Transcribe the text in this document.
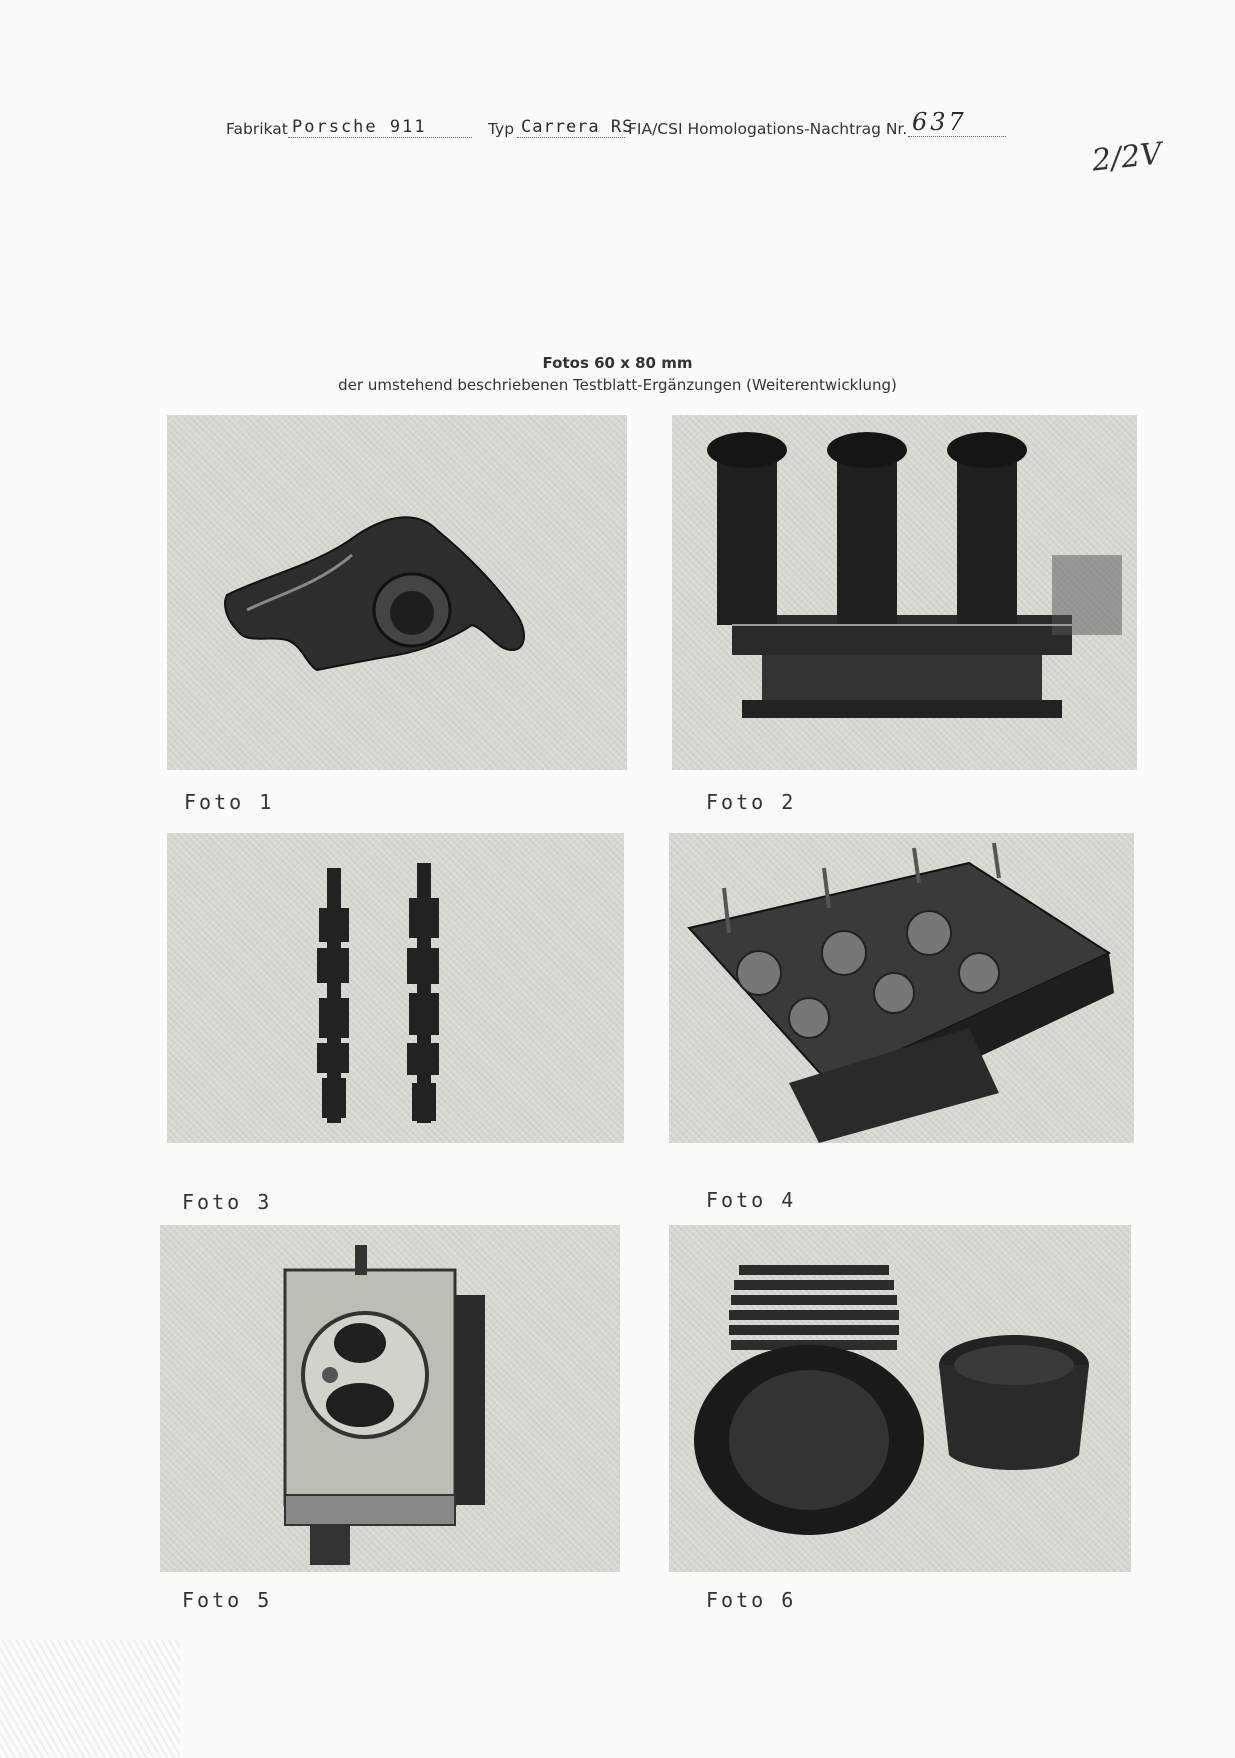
Fabrikat Porsche 911	Typ Carrera RS
FIA/CSI Homologations-Nachtrag Nr. 637
2/2V
Fotos 60 x 80 mm
der umstehend beschriebenen Testblatt-Ergänzungen (Weiterentwicklung)
Foto 1	Foto 2
Foto 3	Foto 4
Foto 5	Foto 6
